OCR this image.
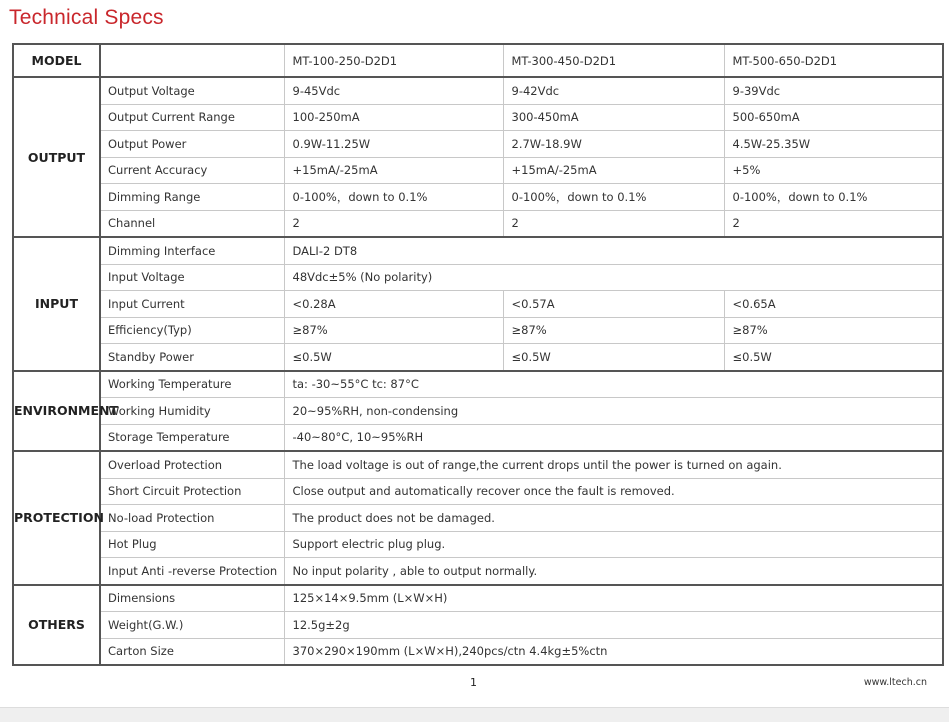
Technical Specs
MODEL		MT-100-250-D2D1	MT-300-450-D2D1	MT-500-650-D2D1
OUTPUT	Output Voltage	9-45Vdc	9-42Vdc	9-39Vdc
	Output Current Range	100-250mA	300-450mA	500-650mA
	Output Power	0.9W-11.25W	2.7W-18.9W	4.5W-25.35W
	Current Accuracy	+15mA/-25mA	+15mA/-25mA	+5%
	Dimming Range	0-100%，down to 0.1%	0-100%，down to 0.1%	0-100%，down to 0.1%
	Channel	2	2	2
INPUT	Dimming Interface	DALI-2 DT8		
	Input Voltage	48Vdc±5% (No polarity)		
	Input Current	<0.28A	<0.57A	<0.65A
	Efficiency(Typ)	≥87%	≥87%	≥87%
	Standby Power	≤0.5W	≤0.5W	≤0.5W
ENVIRONMENT	Working Temperature	ta: -30~55°C tc: 87°C		
	Working Humidity	20~95%RH, non-condensing		
	Storage Temperature	-40~80°C, 10~95%RH		
PROTECTION	Overload Protection	The load voltage is out of range,the current drops until the power is turned on again.		
	Short Circuit Protection	Close output and automatically recover once the fault is removed.		
	No-load Protection	The product does not be damaged.		
	Hot Plug	Support electric plug plug.		
	Input Anti -reverse Protection	No input polarity , able to output normally.		
OTHERS	Dimensions	125×14×9.5mm (L×W×H)		
	Weight(G.W.)	12.5g±2g		
	Carton Size	370×290×190mm (L×W×H),240pcs/ctn 4.4kg±5%ctn		
1	www.ltech.cn
